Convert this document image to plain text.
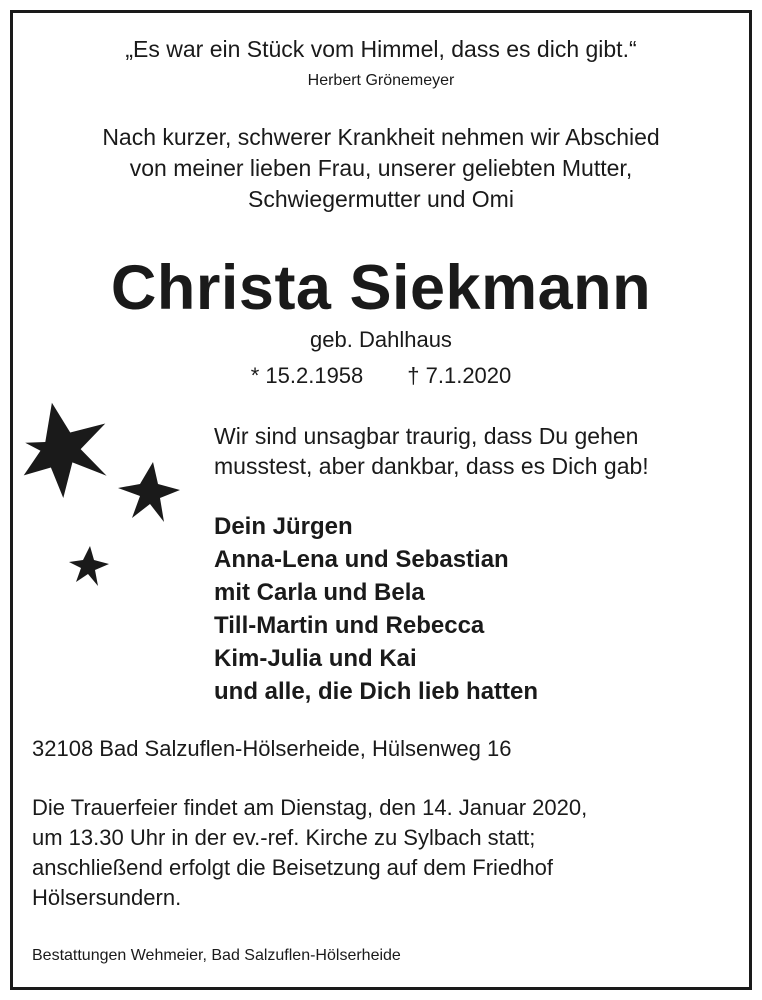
„Es war ein Stück vom Himmel, dass es dich gibt.“
Herbert Grönemeyer
Nach kurzer, schwerer Krankheit nehmen wir Abschied
von meiner lieben Frau, unserer geliebten Mutter,
Schwiegermutter und Omi
Christa Siekmann
geb. Dahlhaus
* 15.2.1958 † 7.1.2020
Wir sind unsagbar traurig, dass Du gehen
musstest, aber dankbar, dass es Dich gab!
Dein Jürgen
Anna-Lena und Sebastian
mit Carla und Bela
Till-Martin und Rebecca
Kim-Julia und Kai
und alle, die Dich lieb hatten
32108 Bad Salzuflen-Hölserheide, Hülsenweg 16
Die Trauerfeier findet am Dienstag, den 14. Januar 2020,
um 13.30 Uhr in der ev.-ref. Kirche zu Sylbach statt;
anschließend erfolgt die Beisetzung auf dem Friedhof
Hölsersundern.
Bestattungen Wehmeier, Bad Salzuflen-Hölserheide
